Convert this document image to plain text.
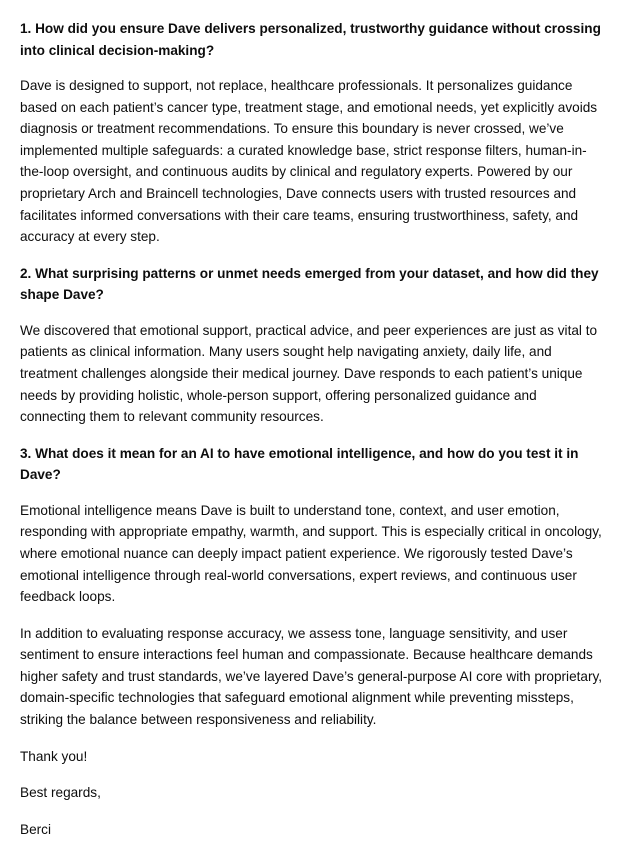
1. How did you ensure Dave delivers personalized, trustworthy guidance without crossing into clinical decision-making?

Dave is designed to support, not replace, healthcare professionals. It personalizes guidance based on each patient’s cancer type, treatment stage, and emotional needs, yet explicitly avoids diagnosis or treatment recommendations. To ensure this boundary is never crossed, we’ve implemented multiple safeguards: a curated knowledge base, strict response filters, human-in-the-loop oversight, and continuous audits by clinical and regulatory experts. Powered by our proprietary Arch and Braincell technologies, Dave connects users with trusted resources and facilitates informed conversations with their care teams, ensuring trustworthiness, safety, and accuracy at every step.

2. What surprising patterns or unmet needs emerged from your dataset, and how did they shape Dave?

We discovered that emotional support, practical advice, and peer experiences are just as vital to patients as clinical information. Many users sought help navigating anxiety, daily life, and treatment challenges alongside their medical journey. Dave responds to each patient’s unique needs by providing holistic, whole-person support, offering personalized guidance and connecting them to relevant community resources.

3. What does it mean for an AI to have emotional intelligence, and how do you test it in Dave?

Emotional intelligence means Dave is built to understand tone, context, and user emotion, responding with appropriate empathy, warmth, and support. This is especially critical in oncology, where emotional nuance can deeply impact patient experience. We rigorously tested Dave’s emotional intelligence through real-world conversations, expert reviews, and continuous user feedback loops.

In addition to evaluating response accuracy, we assess tone, language sensitivity, and user sentiment to ensure interactions feel human and compassionate. Because healthcare demands higher safety and trust standards, we’ve layered Dave’s general-purpose AI core with proprietary, domain-specific technologies that safeguard emotional alignment while preventing missteps, striking the balance between responsiveness and reliability.

Thank you!

Best regards,

Berci
